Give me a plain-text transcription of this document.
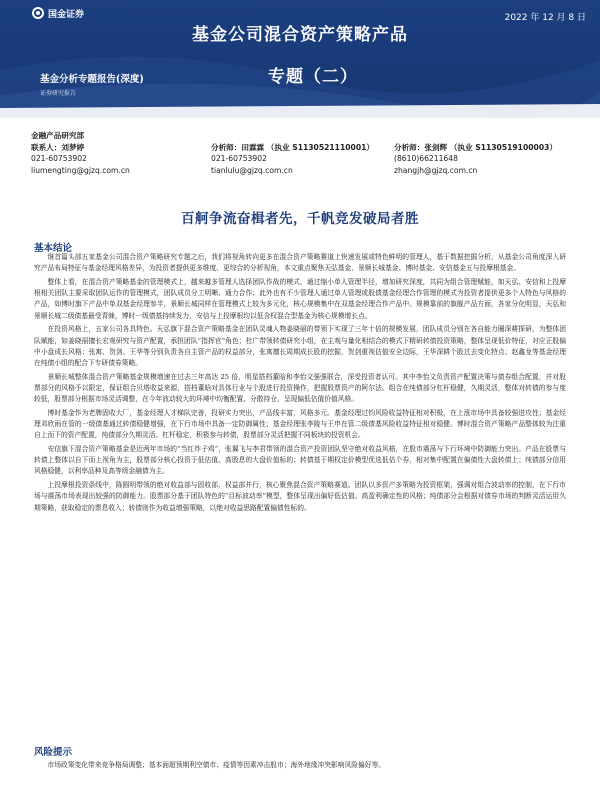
国金证券	2022 年 12 月 8 日
基金公司混合资产策略产品
专题（二）
基金分析专题报告(深度)
证券研究报告
金融产品研究部
联系人：刘梦婷	分析师：田霖霖 （执业 S1130521110001）	分析师：张剑辉 （执业 S1130519100003）
021-60753902	021-60753902	(8610)66211648
liumengting@gjzq.com.cn	tianlulu@gjzq.com.cn	zhangjh@gjzq.com.cn
百舸争流奋楫者先，千帆竞发破局者胜
基本结论

继首篇头部五家基金公司混合资产策略研究专题之后，我们将视角转向更多在混合资产策略赛道上快速发展或特色鲜明的管理人，基于数据挖掘分析，从基金公司角度深入研究产品布局特征与基金经理风格差异，为投资者提供更多维度、更综合的分析视角，本文重点聚焦天弘基金、景顺长城基金、博时基金、安信基金五与投摩根基金。

整体上看，在混合资产策略基金的管理模式上，越来越多管理人选择团队作战的模式，通过缩小单人管理半径，增加研究深度，共同为组合管理赋能，如天弘、安信和上投摩根相关团队主要采取团队运作的管理模式，团队成员分工明晰、通力合作；此外也有不少管理人通过单人管理或股债基金经理合作管理的模式为投资者提供更多个人特色与风格的产品，如博时旗下产品中单双基金经理参半，景顺长城同样在管理模式上较为多元化，核心规模集中在双基金经理合作产品中。规模靠前的旗舰产品方面，各家分化明显，天弘和景顺长城二级债基最受青睐，博时一级债基持续发力，安信与上投摩根均以低含权混合型基金为核心规模增长点。

在投资风格上，五家公司各具特色。天弘旗下混合资产策略基金在团队灵魂人物姜晓丽的带领下实现了三年十倍的规模发展，团队成员分别在各自能力圈深耕探研，为整体团队赋能，如姜晓丽擅长宏观研究与资产配置，承担团队“指挥官”角色；杜广带领转债研究小组，在主观与量化相结合的模式下精研转债投资策略，整体呈现低价特征，对应正股偏中小盘成长风格；张寓、贺剑、王华等分别负责各自主管产品的权益部分，张寓擅长周期成长股的挖掘，贺剑重视估值安全边际，王华深耕个股过去变化特点；赵鑫龙等基金经理在纯债小组的配合下专研债券策略。

景顺长城整体混合资产策略基金规模增速在过去三年高达 25 倍，明星搭档董晗和李怡文强强联合，深受投资者认可。其中李怡文负责资产配置决策与债券组合配置，并对股票部分的风格予以限定，保证组合贝塔收益来源，搭档董晗对具体行业与个股进行投资操作，把握股票资产的阿尔法。组合在纯债部分杠杆稳健，久期灵活，整体对转债的参与度较低，股票部分根据市场灵活调整，在今年波动较大的环境中均衡配置、分散持仓，呈现偏低估值价值风格。

博时基金作为老牌固收大厂，基金经理人才梯队完善，投研实力突出，产品线丰富，风格多元。基金经理过钧风险收益特征相对积极，在上涨市场中具备较强进攻性；基金经理邓欣雨在管的一级债基通过转债稳健增强，在下行市场中具备一定防御属性；基金经理张李陵与王申在管二级债基风险收益特征相对稳健。博时混合资产策略产品整体较为注重自上而下的资产配置，纯债部分久期灵活、杠杆稳定，积极参与转债，股票部分灵活把握不同板块的投资机会。

安信旗下混合资产策略基金是近两年市场的“当红炸子鸡”，张翼飞与李君带领的混合资产投资团队坚守绝对收益风格，在股市震荡与下行环境中防御能力突出。产品在股票与转债上整体以自下而上视角为主，股票部分核心投资于低估值、高股息的大盘价值标的；转债基于期权定价模型优选低估个券，相对集中配置在偏债性大盘转债上；纯债部分信用风格稳健，以利率品种及高等级金融债为主。

上投摩根投资条线中，陈圆明带领的绝对收益部与固收部、权益部并行，核心聚焦混合资产策略赛道。团队以多资产多策略为投资框架，强调对组合波动率的控制，在下行市场与震荡市场表现出较强的防御能力。股票部分基于团队特色的“目标波动率”模型，整体呈现出偏好低估值、高盈利确定性的风格；纯债部分会根据对债券市场的判断灵活运用久期策略，获取稳定的票息收入；转债则作为收益增强策略，以绝对收益思路配置偏债性标的。

风险提示
市场政策变化带来竞争格局调整；基本面超预期利空债市；疫情等因素冲击股市；海外地缘冲突影响风险偏好等。
